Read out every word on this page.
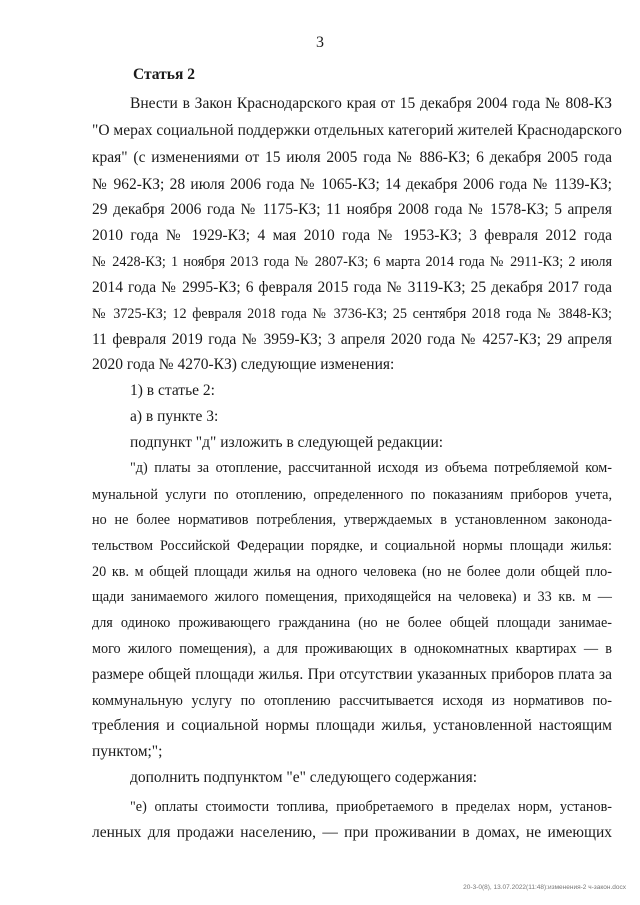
3
Статья 2
Внести в Закон Краснодарского края от 15 декабря 2004 года № 808-КЗ
"О мерах социальной поддержки отдельных категорий жителей Краснодарского
края" (с изменениями от 15 июля 2005 года № 886-КЗ; 6 декабря 2005 года
№ 962-КЗ; 28 июля 2006 года № 1065-КЗ; 14 декабря 2006 года № 1139-КЗ;
29 декабря 2006 года № 1175-КЗ; 11 ноября 2008 года № 1578-КЗ; 5 апреля
2010 года № 1929-КЗ; 4 мая 2010 года № 1953-КЗ; 3 февраля 2012 года
№ 2428-КЗ; 1 ноября 2013 года № 2807-КЗ; 6 марта 2014 года № 2911-КЗ; 2 июля
2014 года № 2995-КЗ; 6 февраля 2015 года № 3119-КЗ; 25 декабря 2017 года
№ 3725-КЗ; 12 февраля 2018 года № 3736-КЗ; 25 сентября 2018 года № 3848-КЗ;
11 февраля 2019 года № 3959-КЗ; 3 апреля 2020 года № 4257-КЗ; 29 апреля
2020 года № 4270-КЗ) следующие изменения:
1) в статье 2:
а) в пункте 3:
подпункт "д" изложить в следующей редакции:
"д) платы за отопление, рассчитанной исходя из объема потребляемой ком-
мунальной услуги по отоплению, определенного по показаниям приборов учета,
но не более нормативов потребления, утверждаемых в установленном законода-
тельством Российской Федерации порядке, и социальной нормы площади жилья:
20 кв. м общей площади жилья на одного человека (но не более доли общей пло-
щади занимаемого жилого помещения, приходящейся на человека) и 33 кв. м —
для одиноко проживающего гражданина (но не более общей площади занимае-
мого жилого помещения), а для проживающих в однокомнатных квартирах — в
размере общей площади жилья. При отсутствии указанных приборов плата за
коммунальную услугу по отоплению рассчитывается исходя из нормативов по-
требления и социальной нормы площади жилья, установленной настоящим
пунктом;";
дополнить подпунктом "е" следующего содержания:
"е) оплаты стоимости топлива, приобретаемого в пределах норм, установ-
ленных для продажи населению, — при проживании в домах, не имеющих
20-3-0(8), 13.07.2022(11:48):изменения-2 ч-закон.docx
